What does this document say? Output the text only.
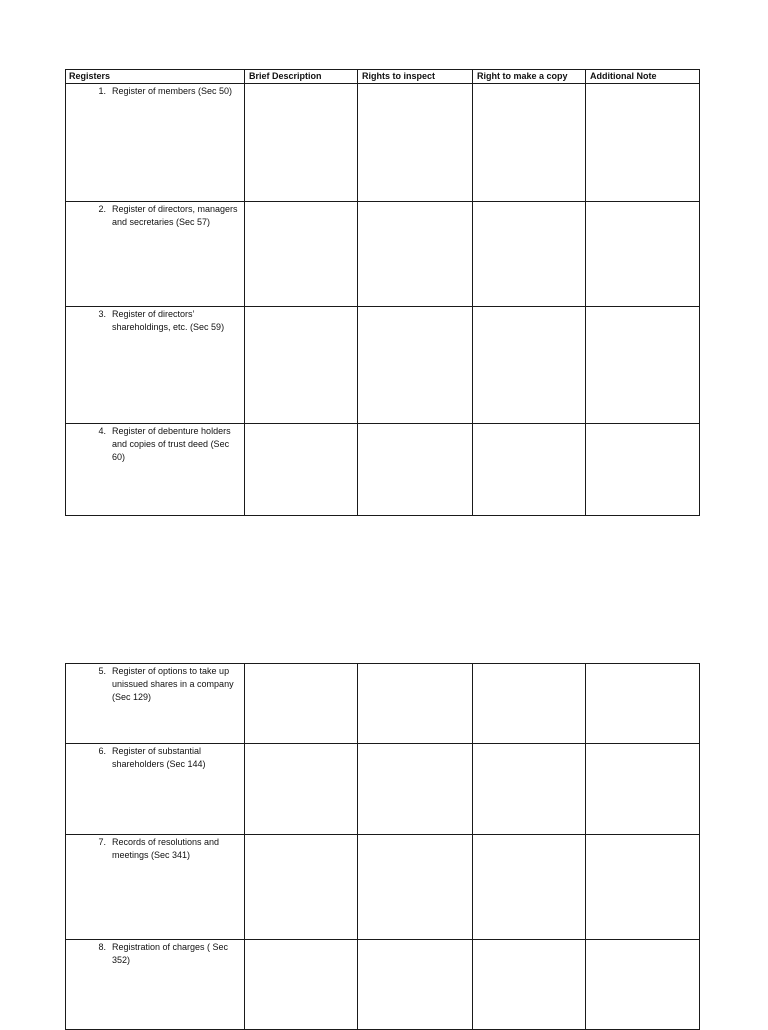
Registers	Brief Description	Rights to inspect	Right to make a copy	Additional Note

1. Register of members (Sec 50)				

2. Register of directors, managers and secretaries (Sec 57)				

3. Register of directors’ shareholdings, etc. (Sec 59)				

4. Register of debenture holders and copies of trust deed (Sec 60)				

5. Register of options to take up unissued shares in a company (Sec 129)				

6. Register of substantial shareholders (Sec 144)				

7. Records of resolutions and meetings (Sec 341)				

8. Registration of charges ( Sec 352)				
